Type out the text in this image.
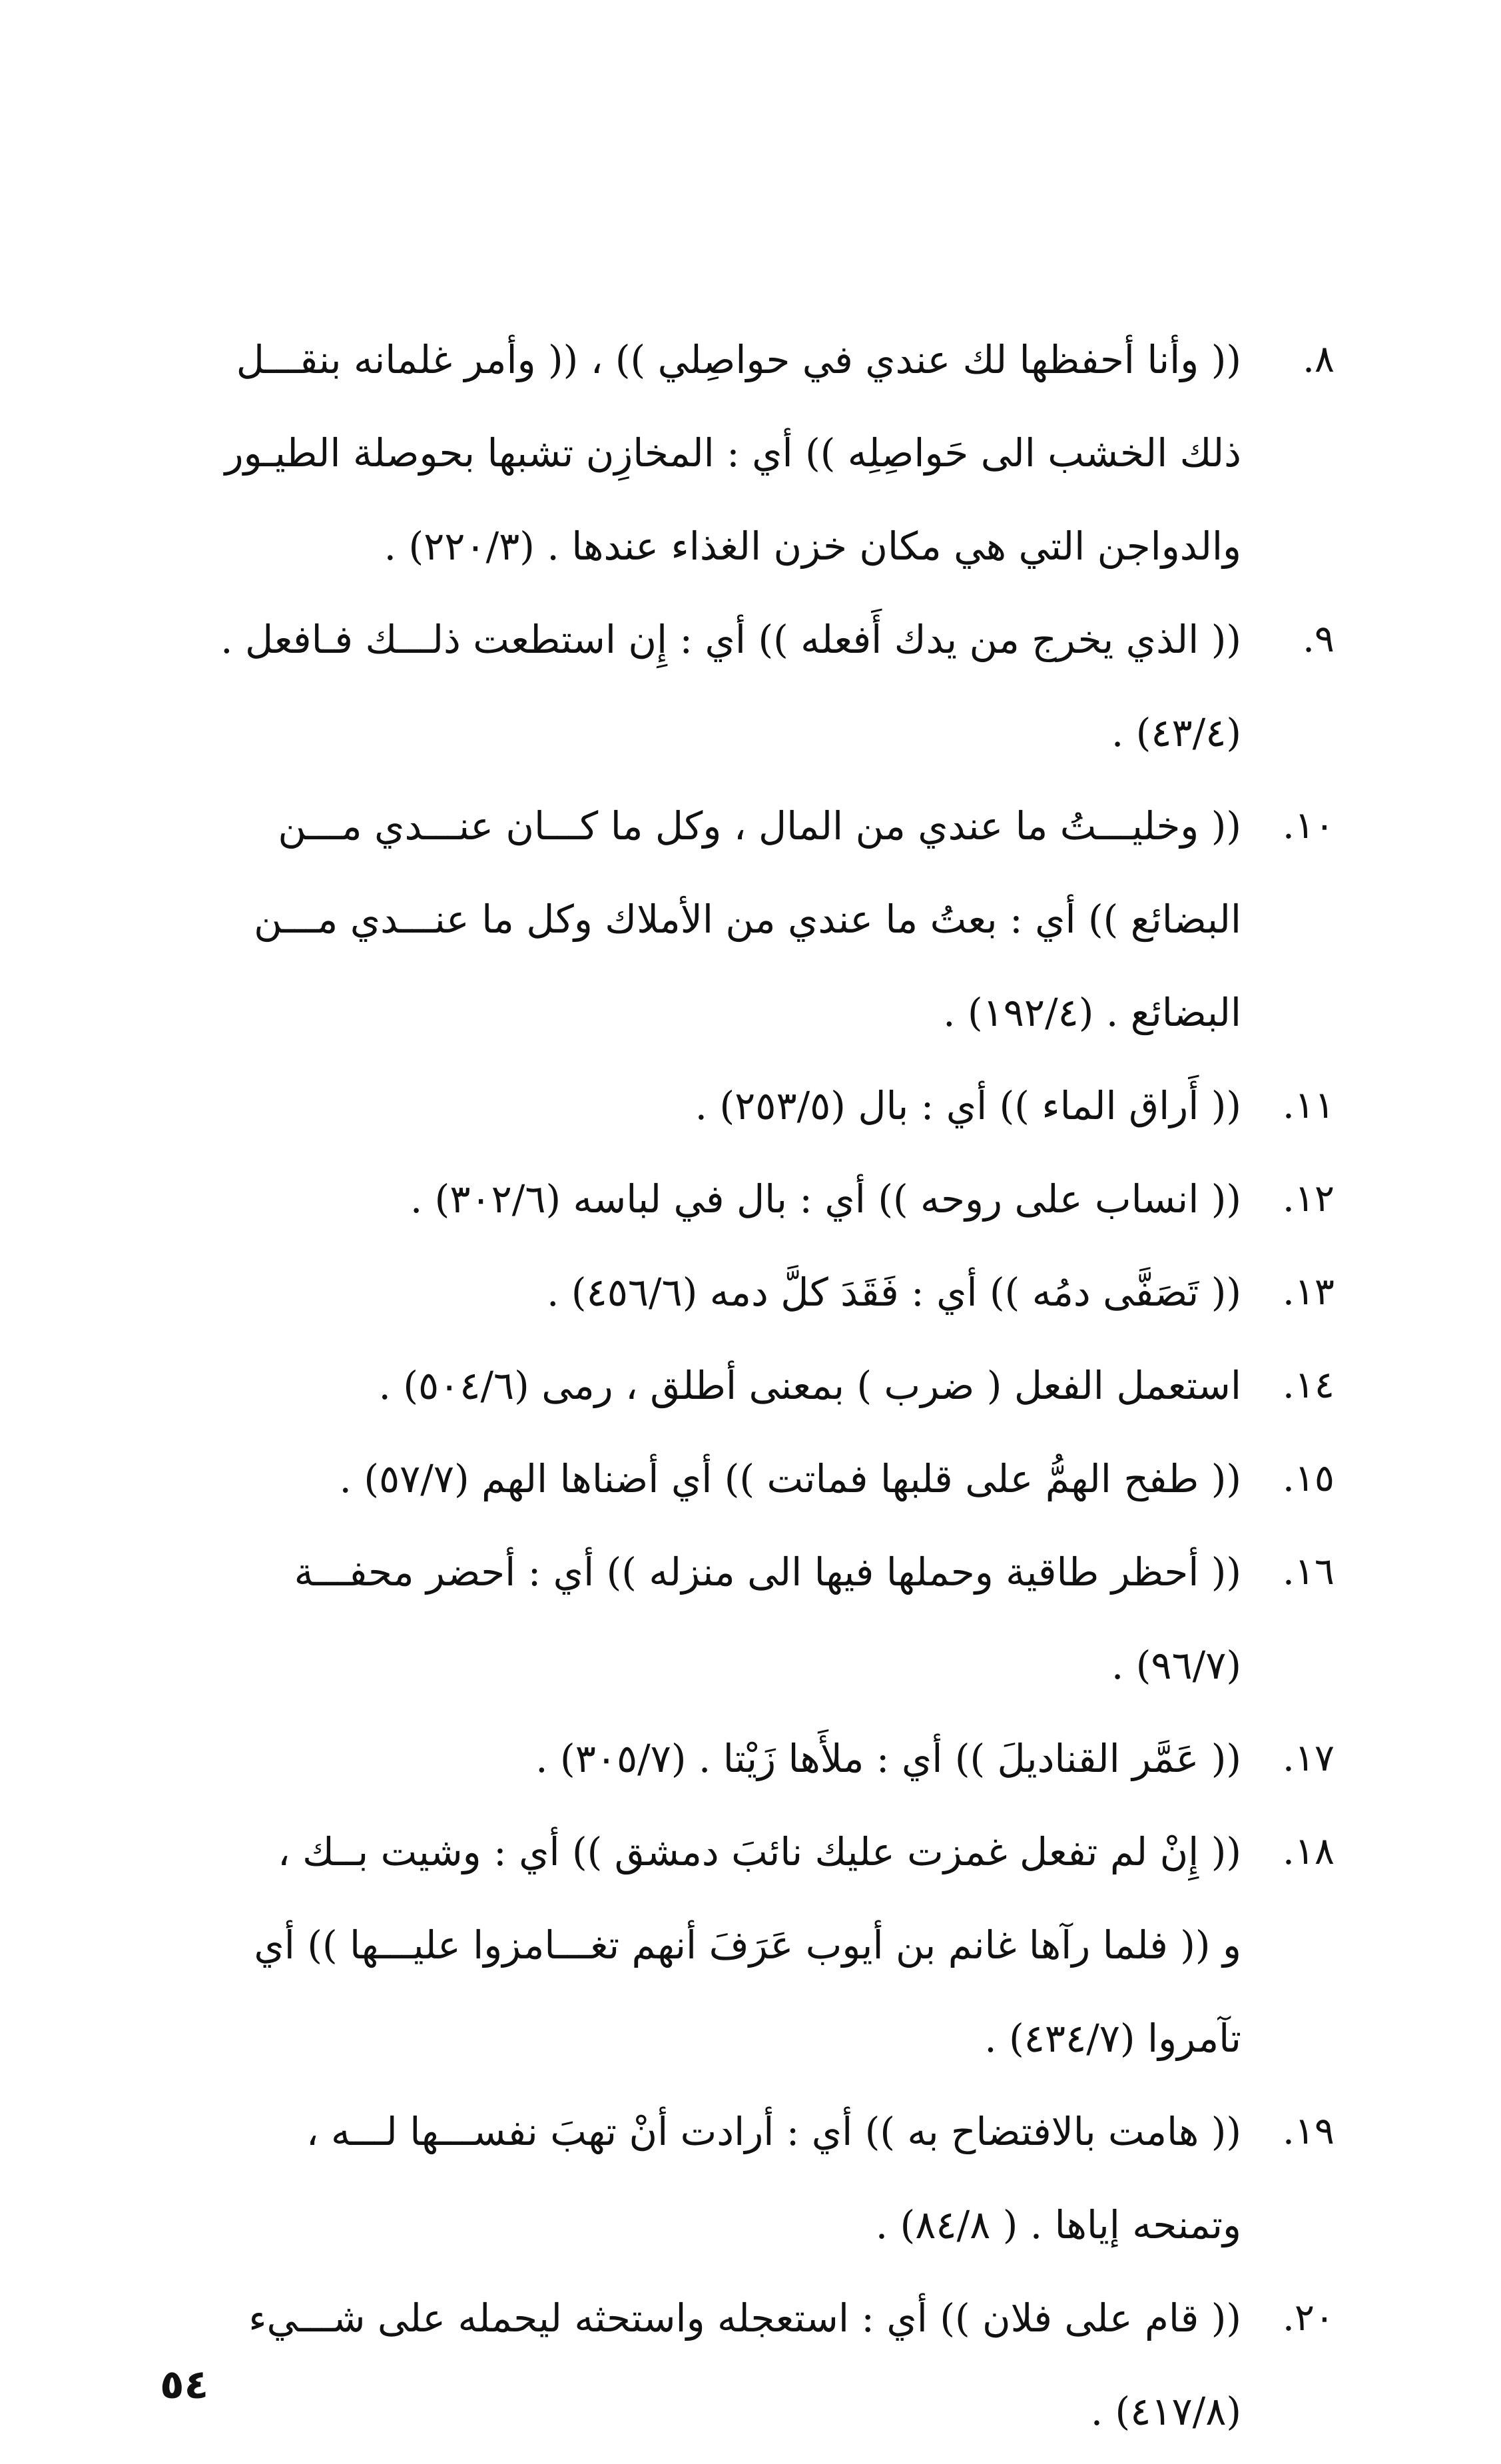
٨.
(( وأنا أحفظها لك عندي في حواصِلي )) ، (( وأمر غلمانه بنقـــل
ذلك الخشب الى حَواصِلِه )) أي : المخازِن تشبها بحوصلة الطيـور
والدواجن التي هي مكان خزن الغذاء عندها . (٢٢٠/٣) .
٩.
(( الذي يخرج من يدك أَفعله )) أي : إِن استطعت ذلـــك فـافعل .
(٤٣/٤) .
١٠.
(( وخليـــتُ ما عندي من المال ، وكل ما كـــان عنـــدي مـــن
البضائع )) أي : بعتُ ما عندي من الأملاك وكل ما عنـــدي مـــن
البضائع . (١٩٢/٤) .
١١.
(( أَراق الماء )) أي : بال (٢٥٣/٥) .
١٢.
(( انساب على روحه )) أي : بال في لباسه (٣٠٢/٦) .
١٣.
(( تَصَفَّى دمُه )) أي : فَقَدَ كلَّ دمه (٤٥٦/٦) .
١٤.
استعمل الفعل ( ضرب ) بمعنى أطلق ، رمى (٥٠٤/٦) .
١٥.
(( طفح الهمُّ على قلبها فماتت )) أي أضناها الهم (٥٧/٧) .
١٦.
(( أحظر طاقية وحملها فيها الى منزله )) أي : أحضر محفـــة
(٩٦/٧) .
١٧.
(( عَمَّر القناديلَ )) أي : ملأَها زَيْتا . (٣٠٥/٧) .
١٨.
(( إِنْ لم تفعل غمزت عليك نائبَ دمشق )) أي : وشيت بــك ،
و (( فلما رآها غانم بن أيوب عَرَفَ أنهم تغـــامزوا عليـــها )) أي
تآمروا (٤٣٤/٧) .
١٩.
(( هامت بالافتضاح به )) أي : أرادت أنْ تهبَ نفســـها لـــه ،
وتمنحه إياها . ( ٨٤/٨) .
٢٠.
(( قام على فلان )) أي : استعجله واستحثه ليحمله على شـــيء
(٤١٧/٨) .
٥٤
